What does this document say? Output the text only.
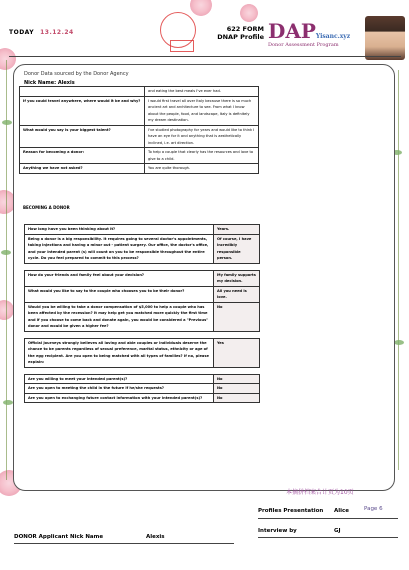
TODAY 13.12.24	622 FORM
DNAP Profile DAPYisanc.xyz
Donor Assessment Program
Donor Data sourced by the Donor Agency
Nick Name: Alexis
	and eating the best meals I've ever had.
If you could travel anywhere, where would it be and why?	I would first travel all over Italy because there is so much ancient art and architecture to see. From what I know about the people, food, and landscape, Italy is definitely my dream destination.
What would you say is your biggest talent?	I've studied photography for years and would like to think I have an eye for it and anything that is aesthetically inclined, i.e. art direction.
Reason for becoming a donor:	To help a couple that clearly has the resources and love to give to a child.
Anything we have not asked?	You are quite thorough.
BECOMING A DONOR
How long have you been thinking about it?	Years.
Being a donor is a big responsibility. It requires going to several doctor's appointments, taking injections and having a minor out - patient surgery. Our office, the doctor's office, and your intended parent (s) will count on you to be responsible throughout the entire cycle. Do you feel prepared to commit to this process?	Of course, I have incredibly responsible person.

How do your friends and family feel about your decision?	My family supports my decision.
What would you like to say to the couple who chooses you to be their donor?	All you need is love.
Would you be willing to take a donor compensation of $5,000 to help a couple who has been affected by the recession? It may help get you matched more quickly the first time and if you choose to come back and donate again, you would be considered a "Previous" donor and would be given a higher fee?	No

Official Journeys strongly believes all loving and able couples or individuals deserve the chance to be parents regardless of sexual preference, marital status, ethnicity or age of the egg recipient. Are you open to being matched with all types of families? If no, please explain:	Yes

Are you willing to meet your intended parent(s)?	No
Are you open to meeting the child in the future if he/she requests?	No
Are you open to exchanging future contact information with your intended parent(s)?	No
本摘拼档案合计页为10页
Profiles Presentation Alice	Page 6
Interview by	GJ
DONOR Applicant Nick Name	Alexis
